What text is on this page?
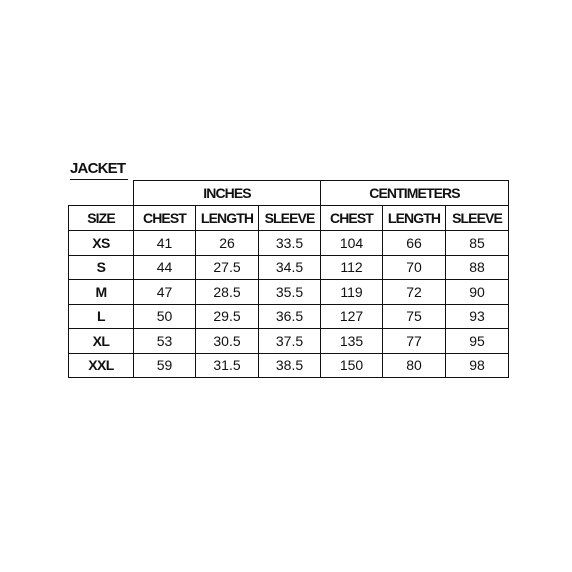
JACKET
	INCHES			CENTIMETERS		
SIZE	CHEST	LENGTH	SLEEVE	CHEST	LENGTH	SLEEVE
XS	41	26	33.5	104	66	85
S	44	27.5	34.5	112	70	88
M	47	28.5	35.5	119	72	90
L	50	29.5	36.5	127	75	93
XL	53	30.5	37.5	135	77	95
XXL	59	31.5	38.5	150	80	98
